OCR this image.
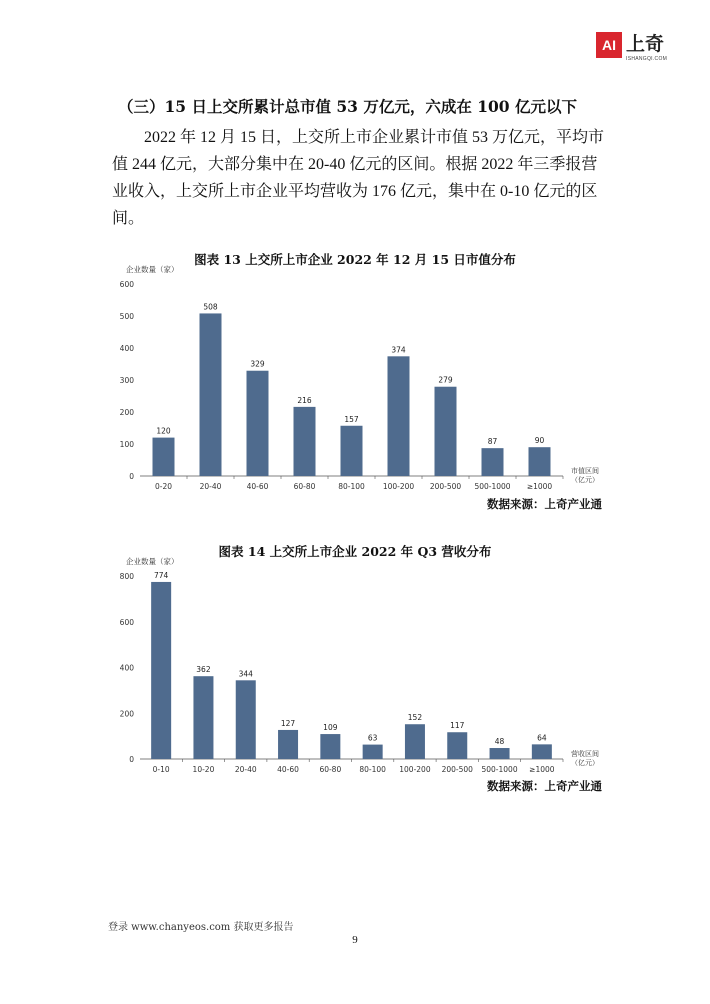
AI 上奇
ISHANGQI.COM
（三）15 日上交所累计总市值 53 万亿元，六成在 100 亿元以下

2022 年 12 月 15 日，上交所上市企业累计市值 53 万亿元，平均市值 244 亿元，大部分集中在 20-40 亿元的区间。根据 2022 年三季报营业收入，上交所上市企业平均营收为 176 亿元，集中在 0-10 亿元的区间。

图表 13 上交所上市企业 2022 年 12 月 15 日市值分布
企业数量（家）
0
100
200
300
400
500
600
120
0-20
508
20-40
329
40-60
216
60-80
157
80-100
374
100-200
279
200-500
87
500-1000
90
≥1000
市值区间
（亿元）
数据来源：上奇产业通
图表 14 上交所上市企业 2022 年 Q3 营收分布
企业数量（家）
0
200
400
600
800	774
0-10
362
10-20
344
20-40
127
40-60
109
60-80
63
80-100
152
100-200
117
200-500
48
500-1000
64
≥1000
营收区间
（亿元）
数据来源：上奇产业通
登录 www.chanyeos.com 获取更多报告
9
